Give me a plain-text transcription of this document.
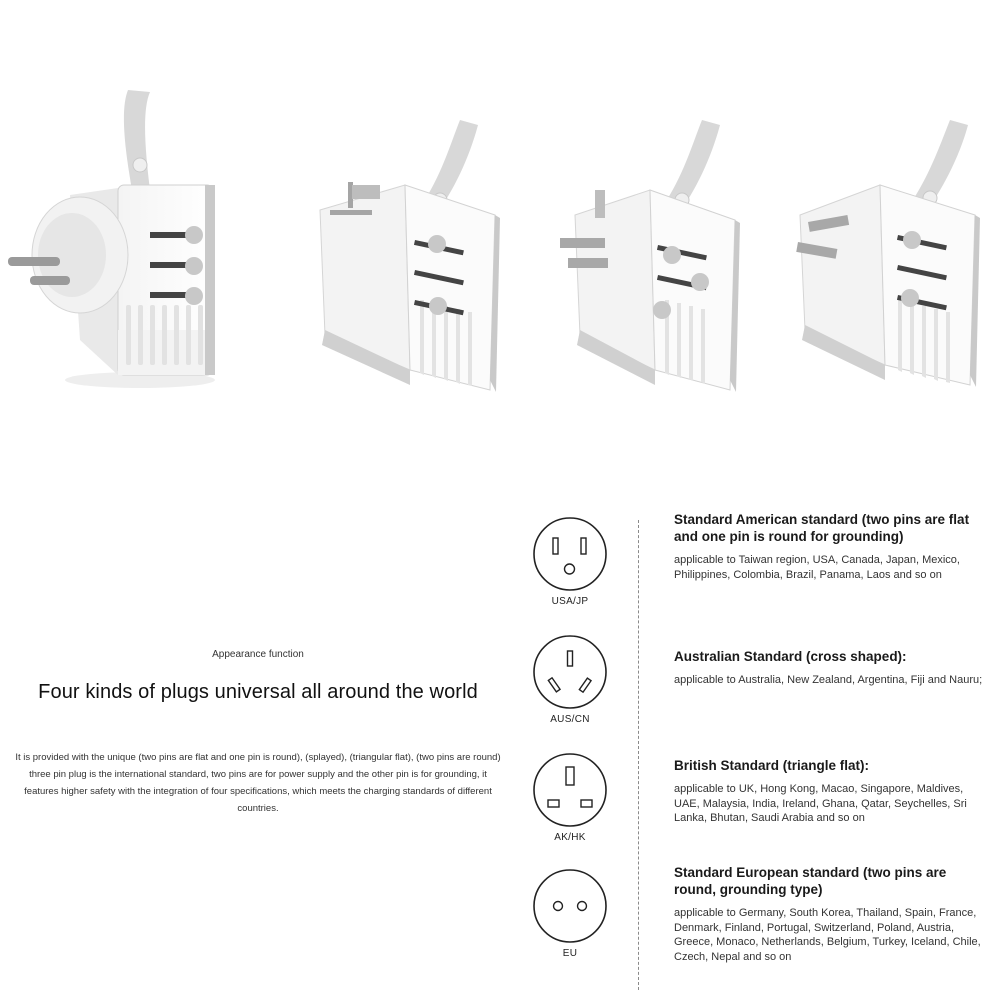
Appearance function
Four kinds of plugs universal all around the world
It is provided with the unique (two pins are flat and one pin is round), (splayed), (triangular flat), (two pins are round) three pin plug is the international standard, two pins are for power supply and the other pin is for grounding, it features higher safety with the integration of four specifications, which meets the charging standards of different countries.
USA/JP
AUS/CN
AK/HK
EU
Standard American standard (two pins are flat and one pin is round for grounding)
applicable to Taiwan region, USA, Canada, Japan, Mexico, Philippines, Colombia, Brazil, Panama, Laos and so on
Australian Standard (cross shaped):
applicable to Australia, New Zealand, Argentina, Fiji and Nauru;
British Standard (triangle flat):
applicable to UK, Hong Kong, Macao, Singapore, Maldives, UAE, Malaysia, India, Ireland, Ghana, Qatar, Seychelles, Sri Lanka, Bhutan, Saudi Arabia and so on
Standard European standard (two pins are round, grounding type)
applicable to Germany, South Korea, Thailand, Spain, France, Denmark, Finland, Portugal, Switzerland, Poland, Austria, Greece, Monaco, Netherlands, Belgium, Turkey, Iceland, Chile, Czech, Nepal and so on
